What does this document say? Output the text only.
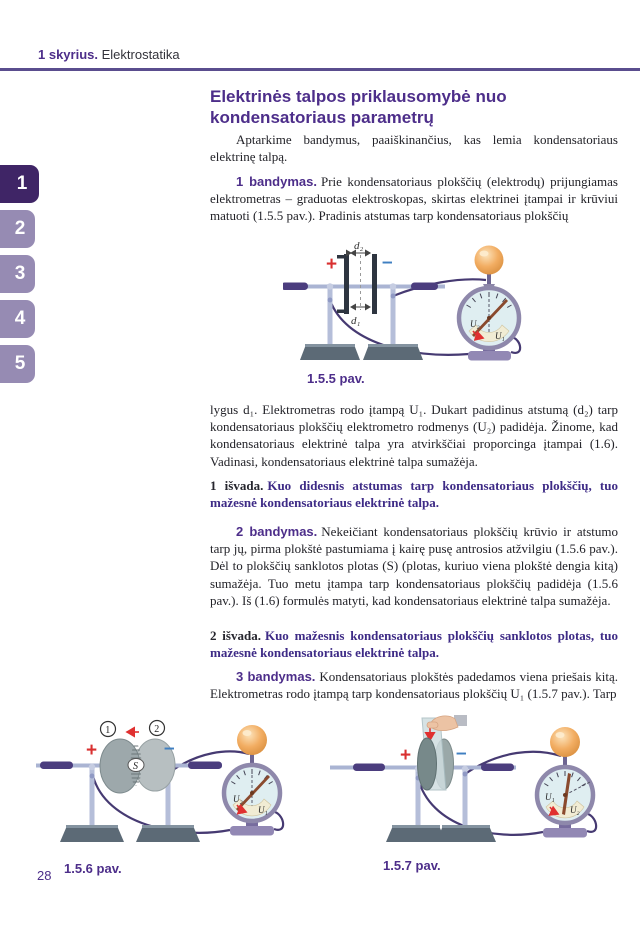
1 skyrius. Elektrostatika
1
2
3
4
5
Elektrinės talpos priklausomybė nuo kondensatoriaus parametrų

Aptarkime bandymus, paaiškinančius, kas lemia kondensatoriaus elektrinę talpą.

1 bandymas. Prie kondensatoriaus plokščių (elektrodų) prijungiamas elektrometras – graduotas elektroskopas, skirtas elektrinei įtampai ir krūviui matuoti (1.5.5 pav.). Pradinis atstumas tarp kondensatoriaus plokščių

d₂
d₁
+ –
U₂
U₁
1.5.5 pav.

lygus d₁. Elektrometras rodo įtampą U₁. Dukart padidinus atstumą (d₂) tarp kondensatoriaus plokščių elektrometro rodmenys (U₂) padidėja. Žinome, kad kondensatoriaus elektrinė talpa yra atvirkščiai proporcinga įtampai (1.6). Vadinasi, kondensatoriaus elektrinė talpa sumažėja.

1 išvada. Kuo didesnis atstumas tarp kondensatoriaus plokščių, tuo mažesnė kondensatoriaus elektrinė talpa.

2 bandymas. Nekeičiant kondensatoriaus plokščių krūvio ir atstumo tarp jų, pirma plokštė pastumiama į kairę pusę antrosios atžvilgiu (1.5.6 pav.). Dėl to plokščių sanklotos plotas (S) (plotas, kuriuo viena plokštė dengia kitą) sumažėja. Tuo metu įtampa tarp kondensatoriaus plokščių padidėja (1.5.6 pav.). Iš (1.6) formulės matyti, kad kondensatoriaus elektrinė talpa sumažėja.

2 išvada. Kuo mažesnis kondensatoriaus plokščių sanklotos plotas, tuo mažesnė kondensatoriaus elektrinė talpa.

3 bandymas. Kondensatoriaus plokštės padedamos viena priešais kitą. Elektrometras rodo įtampą tarp kondensatoriaus plokščių U₁ (1.5.7 pav.). Tarp

S
1	2
+	–
U₂
U₁
1.5.6 pav.
+ –
U₁
U₂
1.5.7 pav.
28
